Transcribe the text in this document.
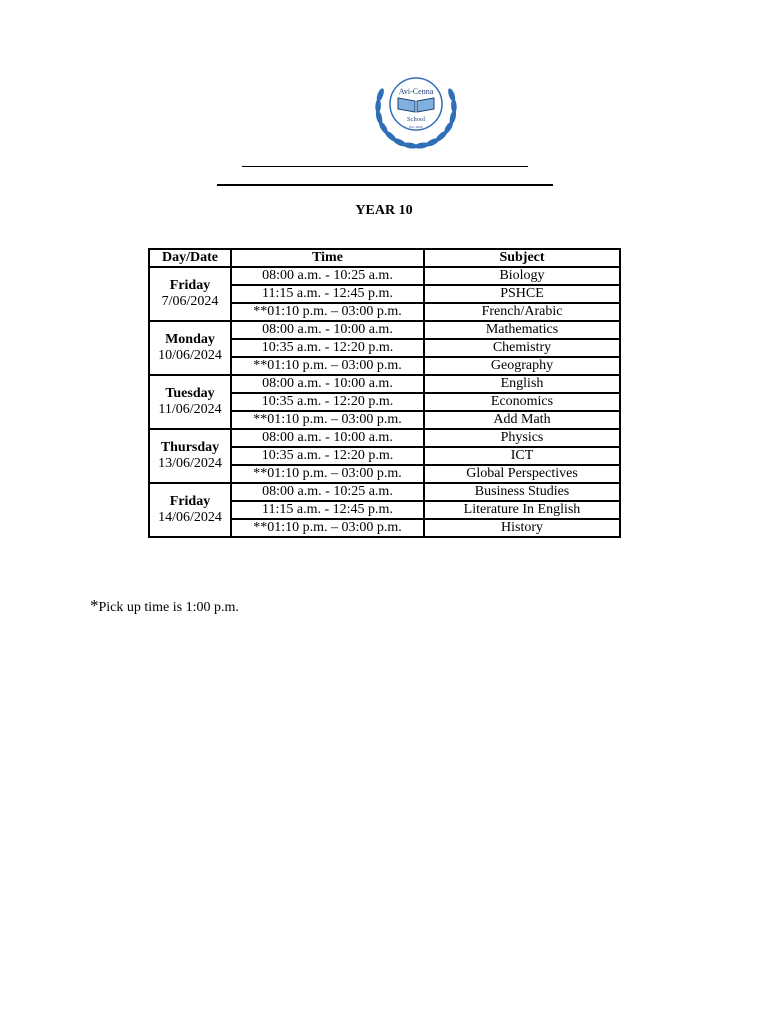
Avi-Cenna
School
Est. 2000
YEAR 10
Day/Date	Time	Subject

Friday
7/06/2024	08:00 a.m. - 10:25 a.m.	Biology
	11:15 a.m. - 12:45 p.m.	PSHCE
	**01:10 p.m. – 03:00 p.m.	French/Arabic

Monday
10/06/2024	08:00 a.m. - 10:00 a.m.	Mathematics
	10:35 a.m. - 12:20 p.m.	Chemistry
	**01:10 p.m. – 03:00 p.m.	Geography

Tuesday
11/06/2024	08:00 a.m. - 10:00 a.m.	English
	10:35 a.m. - 12:20 p.m.	Economics
	**01:10 p.m. – 03:00 p.m.	Add Math

Thursday
13/06/2024	08:00 a.m. - 10:00 a.m.	Physics
	10:35 a.m. - 12:20 p.m.	ICT
	**01:10 p.m. – 03:00 p.m.	Global Perspectives

Friday
14/06/2024	08:00 a.m. - 10:25 a.m.	Business Studies
	11:15 a.m. - 12:45 p.m.	Literature In English
	**01:10 p.m. – 03:00 p.m.	History
*Pick up time is 1:00 p.m.
